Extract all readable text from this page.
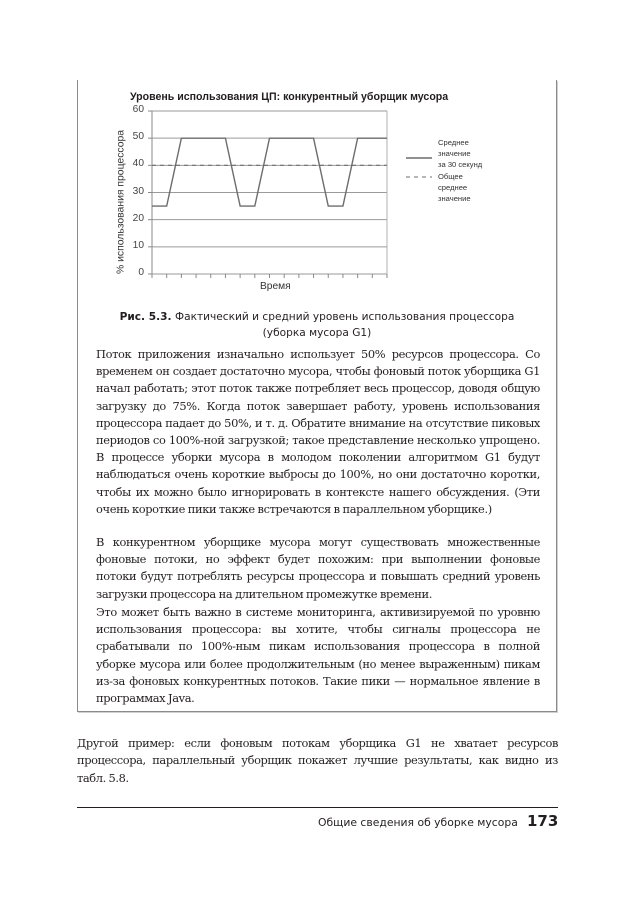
Уровень использования ЦП: конкурентный уборщик мусора
% использования процессора
Время
60
50
40
30
20
10
0
Среднее
значение
за 30 секунд
Общее
среднее
значение
Рис. 5.3. Фактический и средний уровень использования процессора
(уборка мусора G1)
Поток приложения изначально использует 50% ресурсов процессора. Со временем он создает достаточно мусора, чтобы фоновый поток уборщика G1 начал работать; этот поток также потребляет весь процессор, доводя общую загрузку до 75%. Когда поток завершает работу, уровень использования процессора падает до 50%, и т. д. Обратите внимание на отсутствие пиковых периодов со 100%-ной загрузкой; такое представление несколько упрощено. В процессе уборки мусора в молодом поколении алгоритмом G1 будут наблюдаться очень короткие выбросы до 100%, но они достаточно коротки, чтобы их можно было игнорировать в контексте нашего обсуждения. (Эти очень короткие пики также встречаются в параллельном уборщике.)
В конкурентном уборщике мусора могут существовать множественные фоновые потоки, но эффект будет похожим: при выполнении фоновые потоки будут потреблять ресурсы процессора и повышать средний уровень загрузки процессора на длительном промежутке времени.
Это может быть важно в системе мониторинга, активизируемой по уровню использования процессора: вы хотите, чтобы сигналы процессора не срабатывали по 100%-ным пикам использования процессора в полной уборке мусора или более продолжительным (но менее выраженным) пикам из-за фоновых конкурентных потоков. Такие пики — нормальное явление в программах Java.
Другой пример: если фоновым потокам уборщика G1 не хватает ресурсов процессора, параллельный уборщик покажет лучшие результаты, как видно из табл. 5.8.
Общие сведения об уборке мусора 173
